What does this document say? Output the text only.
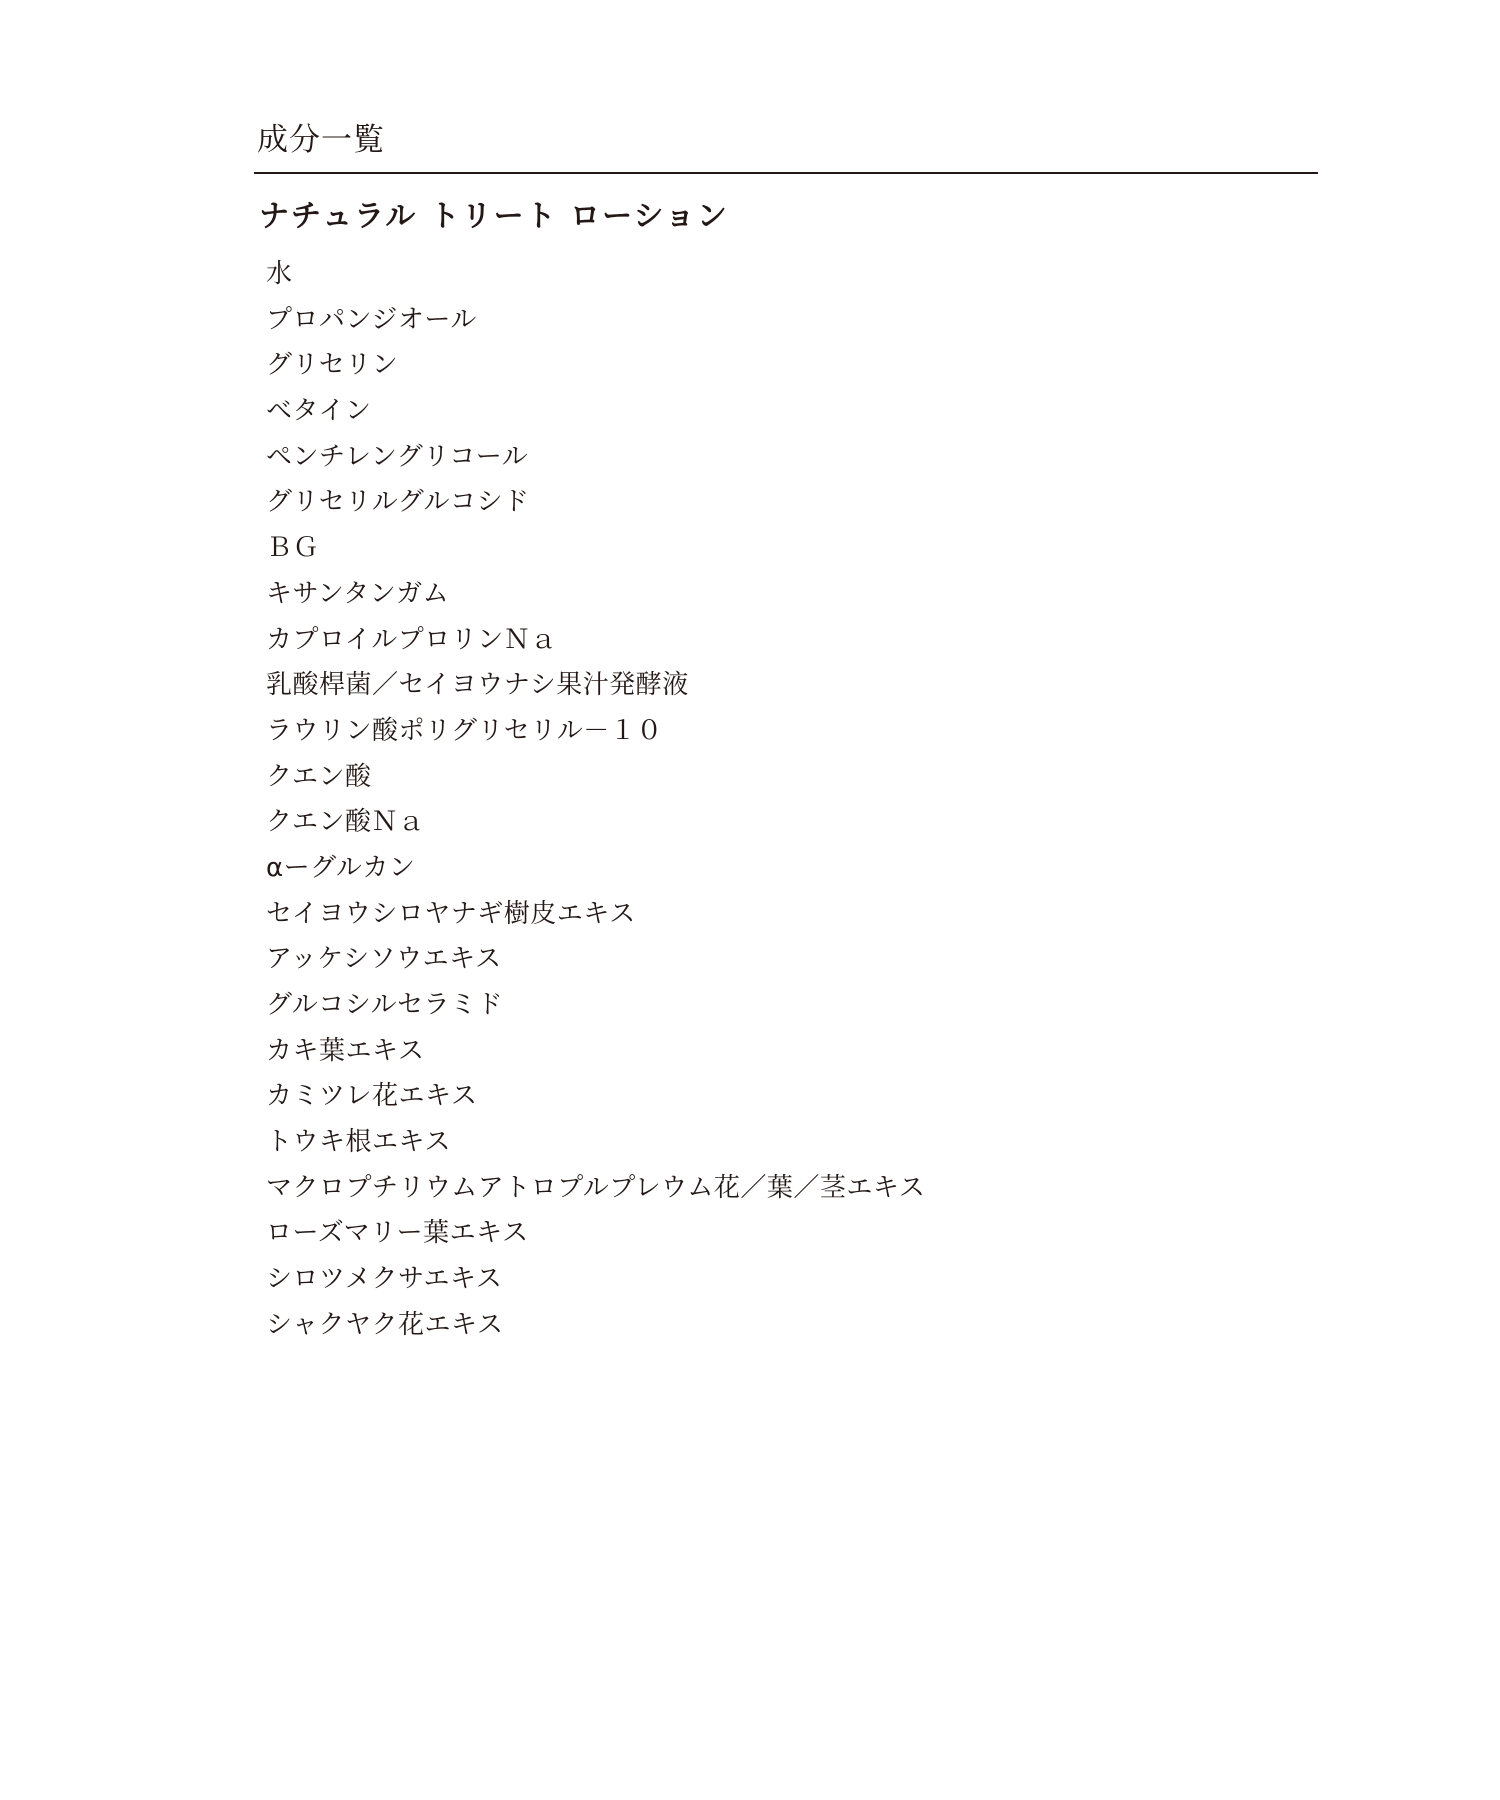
成分一覧
ナチュラル トリート ローション
水
プロパンジオール
グリセリン
ベタイン
ペンチレングリコール
グリセリルグルコシド
ＢＧ
キサンタンガム
カプロイルプロリンＮａ
乳酸桿菌／セイヨウナシ果汁発酵液
ラウリン酸ポリグリセリル－１０
クエン酸
クエン酸Ｎａ
αーグルカン
セイヨウシロヤナギ樹皮エキス
アッケシソウエキス
グルコシルセラミド
カキ葉エキス
カミツレ花エキス
トウキ根エキス
マクロプチリウムアトロプルプレウム花／葉／茎エキス
ローズマリー葉エキス
シロツメクサエキス
シャクヤク花エキス
